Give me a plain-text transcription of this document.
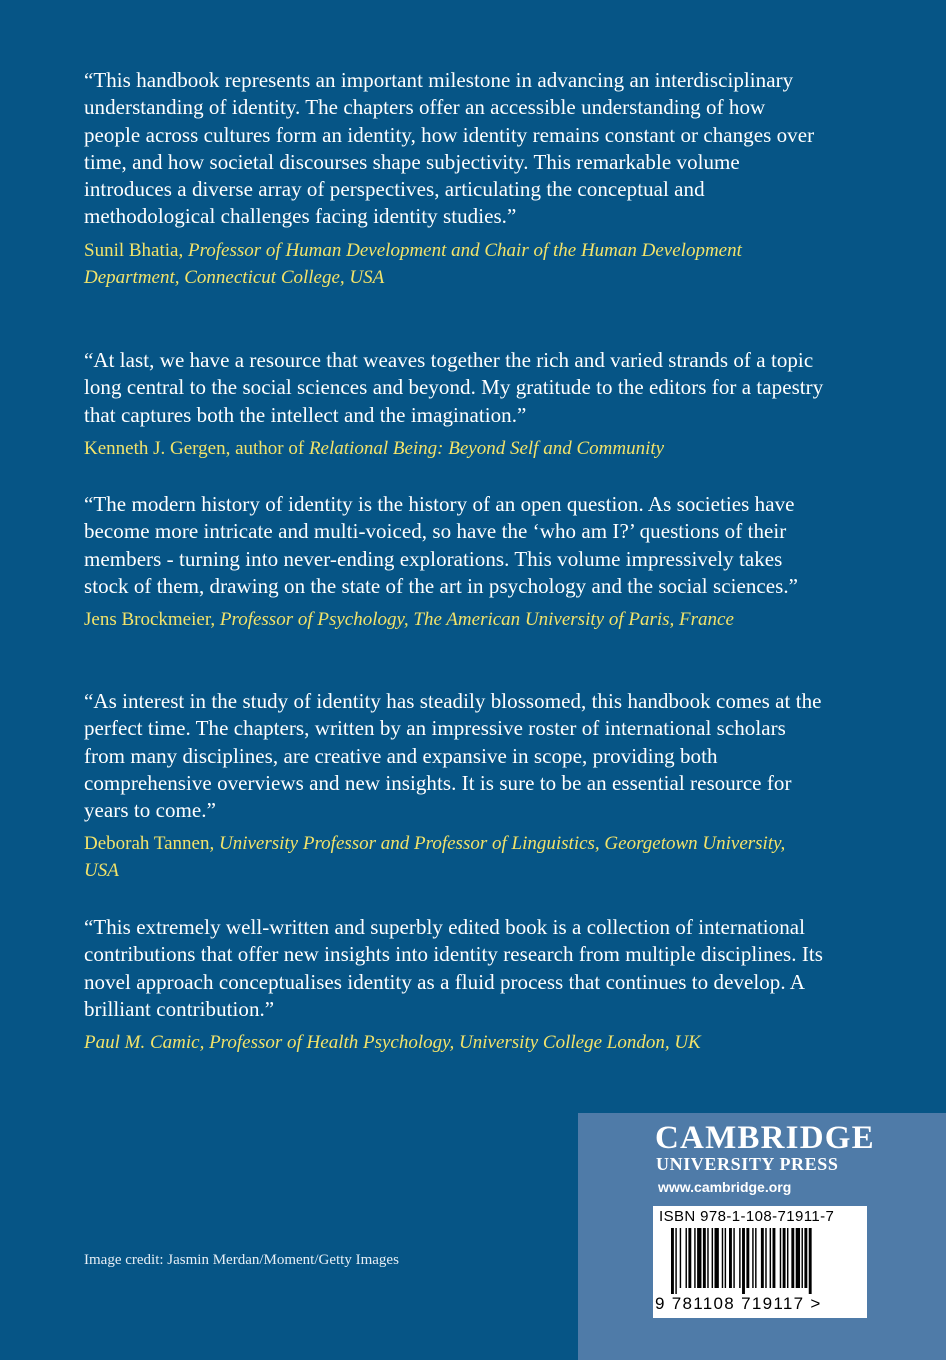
“This handbook represents an important milestone in advancing an interdisciplinary understanding of identity. The chapters offer an accessible understanding of how people across cultures form an identity, how identity remains constant or changes over time, and how societal discourses shape subjectivity. This remarkable volume introduces a diverse array of perspectives, articulating the conceptual and methodological challenges facing identity studies.”

Sunil Bhatia, Professor of Human Development and Chair of the Human Development Department, Connecticut College, USA

“At last, we have a resource that weaves together the rich and varied strands of a topic long central to the social sciences and beyond. My gratitude to the editors for a tapestry that captures both the intellect and the imagination.”

Kenneth J. Gergen, author of Relational Being: Beyond Self and Community

“The modern history of identity is the history of an open question. As societies have become more intricate and multi-voiced, so have the ‘who am I?’ questions of their members - turning into never-ending explorations. This volume impressively takes stock of them, drawing on the state of the art in psychology and the social sciences.”

Jens Brockmeier, Professor of Psychology, The American University of Paris, France

“As interest in the study of identity has steadily blossomed, this handbook comes at the perfect time. The chapters, written by an impressive roster of international scholars from many disciplines, are creative and expansive in scope, providing both comprehensive overviews and new insights. It is sure to be an essential resource for years to come.”

Deborah Tannen, University Professor and Professor of Linguistics, Georgetown University, USA

“This extremely well-written and superbly edited book is a collection of international contributions that offer new insights into identity research from multiple disciplines. Its novel approach conceptualises identity as a fluid process that continues to develop. A brilliant contribution.”

Paul M. Camic, Professor of Health Psychology, University College London, UK

Image credit: Jasmin Merdan/Moment/Getty Images
CAMBRIDGE
UNIVERSITY PRESS
www.cambridge.org
ISBN 978-1-108-71911-7
9 781108 719117 >
